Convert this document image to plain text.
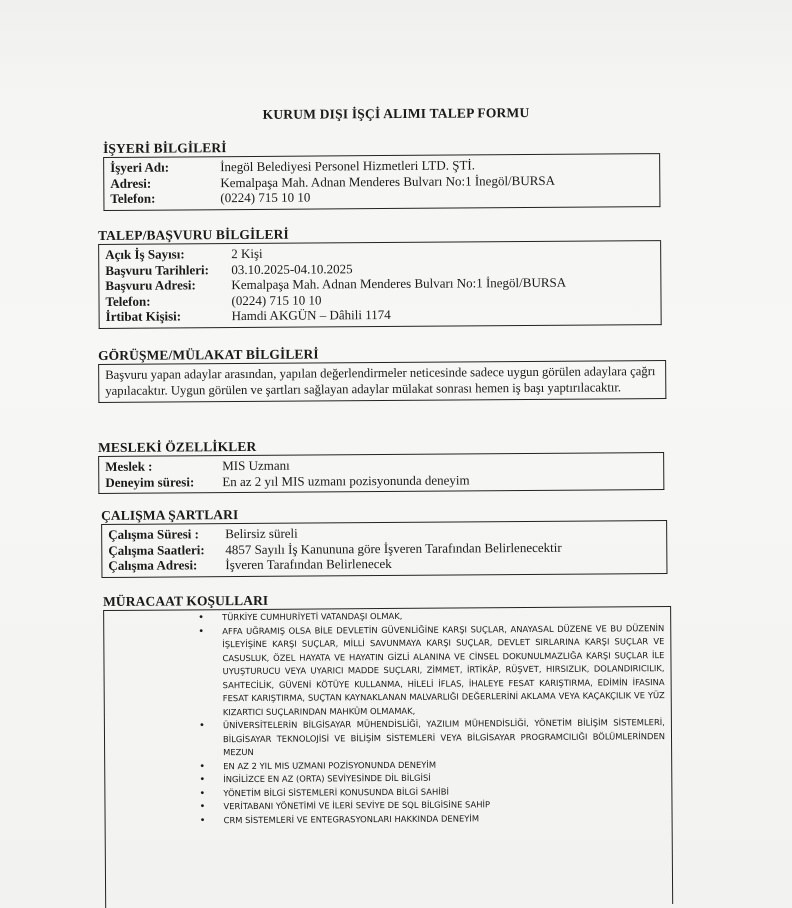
KURUM DIŞI İŞÇİ ALIMI TALEP FORMU
İŞYERİ BİLGİLERİ
İşyeri Adı:	İnegöl Belediyesi Personel Hizmetleri LTD. ŞTİ.
Adresi:	Kemalpaşa Mah. Adnan Menderes Bulvarı No:1 İnegöl/BURSA
Telefon:	(0224) 715 10 10
TALEP/BAŞVURU BİLGİLERİ
Açık İş Sayısı:	2 Kişi
Başvuru Tarihleri:	03.10.2025-04.10.2025
Başvuru Adresi:	Kemalpaşa Mah. Adnan Menderes Bulvarı No:1 İnegöl/BURSA
Telefon:	(0224) 715 10 10
İrtibat Kişisi:	Hamdi AKGÜN – Dâhili 1174
GÖRÜŞME/MÜLAKAT BİLGİLERİ
Başvuru yapan adaylar arasından, yapılan değerlendirmeler neticesinde sadece uygun görülen adaylara çağrı yapılacaktır. Uygun görülen ve şartları sağlayan adaylar mülakat sonrası hemen iş başı yaptırılacaktır.
MESLEKİ ÖZELLİKLER
Meslek :	MIS Uzmanı
Deneyim süresi:	En az 2 yıl MIS uzmanı pozisyonunda deneyim
ÇALIŞMA ŞARTLARI
Çalışma Süresi :	Belirsiz süreli
Çalışma Saatleri:	4857 Sayılı İş Kanununa göre İşveren Tarafından Belirlenecektir
Çalışma Adresi:	İşveren Tarafından Belirlenecek
MÜRACAAT KOŞULLARI
• TÜRKİYE CUMHURİYETİ VATANDAŞI OLMAK,
• AFFA UĞRAMIŞ OLSA BİLE DEVLETİN GÜVENLİĞİNE KARŞI SUÇLAR, ANAYASAL DÜZENE VE BU DÜZENİN İŞLEYİŞİNE KARŞI SUÇLAR, MİLLİ SAVUNMAYA KARŞI SUÇLAR, DEVLET SIRLARINA KARŞI SUÇLAR VE CASUSLUK, ÖZEL HAYATA VE HAYATIN GİZLİ ALANINA VE CİNSEL DOKUNULMAZLIĞA KARŞI SUÇLAR İLE UYUŞTURUCU VEYA UYARICI MADDE SUÇLARI, ZİMMET, İRTİKÂP, RÜŞVET, HIRSIZLIK, DOLANDIRICILIK, SAHTECİLİK, GÜVENİ KÖTÜYE KULLANMA, HİLELİ İFLAS, İHALEYE FESAT KARIŞTIRMA, EDİMİN İFASINA FESAT KARIŞTIRMA, SUÇTAN KAYNAKLANAN MALVARLIĞI DEĞERLERİNİ AKLAMA VEYA KAÇAKÇILIK VE YÜZ KIZARTICI SUÇLARINDAN MAHKÛM OLMAMAK,
• ÜNİVERSİTELERİN BİLGİSAYAR MÜHENDİSLİĞİ, YAZILIM MÜHENDİSLİĞİ, YÖNETİM BİLİŞİM SİSTEMLERİ, BİLGİSAYAR TEKNOLOJİSİ VE BİLİŞİM SİSTEMLERİ VEYA BİLGİSAYAR PROGRAMCILIĞI BÖLÜMLERİNDEN MEZUN
• EN AZ 2 YIL MIS UZMANI POZİSYONUNDA DENEYİM
• İNGİLİZCE EN AZ (ORTA) SEVİYESİNDE DİL BİLGİSİ
• YÖNETİM BİLGİ SİSTEMLERİ KONUSUNDA BİLGİ SAHİBİ
• VERİTABANI YÖNETİMİ VE İLERİ SEVİYE DE SQL BİLGİSİNE SAHİP
• CRM SİSTEMLERİ VE ENTEGRASYONLARI HAKKINDA DENEYİM
